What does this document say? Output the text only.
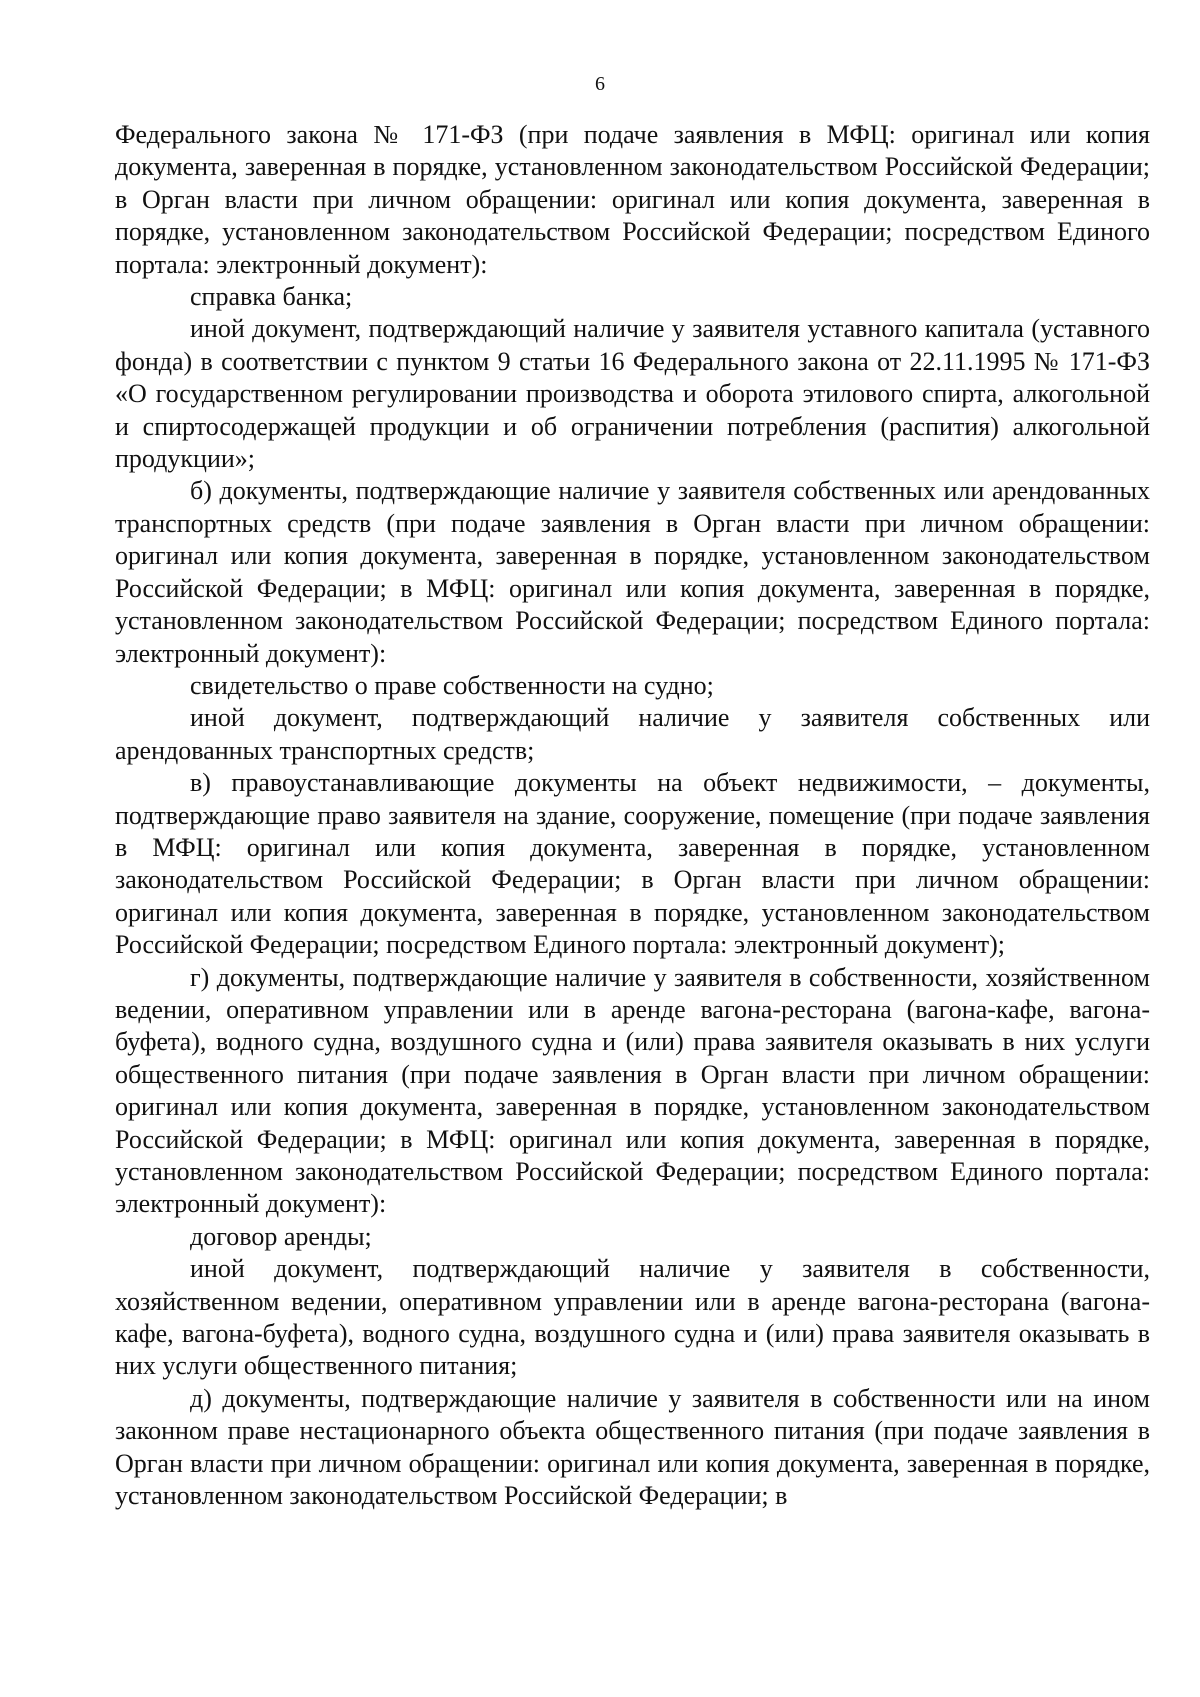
6

Федерального закона № 171-ФЗ (при подаче заявления в МФЦ: оригинал или копия документа, заверенная в порядке, установленном законодательством Российской Федерации; в Орган власти при личном обращении: оригинал или копия документа, заверенная в порядке, установленном законодательством Российской Федерации; посредством Единого портала: электронный документ):

справка банка;

иной документ, подтверждающий наличие у заявителя уставного капитала (уставного фонда) в соответствии с пунктом 9 статьи 16 Федерального закона от 22.11.1995 № 171-ФЗ «О государственном регулировании производства и оборота этилового спирта, алкогольной и спиртосодержащей продукции и об ограничении потребления (распития) алкогольной продукции»;

б) документы, подтверждающие наличие у заявителя собственных или арендованных транспортных средств (при подаче заявления в Орган власти при личном обращении: оригинал или копия документа, заверенная в порядке, установленном законодательством Российской Федерации; в МФЦ: оригинал или копия документа, заверенная в порядке, установленном законодательством Российской Федерации; посредством Единого портала: электронный документ):

свидетельство о праве собственности на судно;

иной документ, подтверждающий наличие у заявителя собственных или арендованных транспортных средств;

в) правоустанавливающие документы на объект недвижимости, – документы, подтверждающие право заявителя на здание, сооружение, помещение (при подаче заявления в МФЦ: оригинал или копия документа, заверенная в порядке, установленном законодательством Российской Федерации; в Орган власти при личном обращении: оригинал или копия документа, заверенная в порядке, установленном законодательством Российской Федерации; посредством Единого портала: электронный документ);

г) документы, подтверждающие наличие у заявителя в собственности, хозяйственном ведении, оперативном управлении или в аренде вагона-ресторана (вагона-кафе, вагона-буфета), водного судна, воздушного судна и (или) права заявителя оказывать в них услуги общественного питания (при подаче заявления в Орган власти при личном обращении: оригинал или копия документа, заверенная в порядке, установленном законодательством Российской Федерации; в МФЦ: оригинал или копия документа, заверенная в порядке, установленном законодательством Российской Федерации; посредством Единого портала: электронный документ):

договор аренды;

иной документ, подтверждающий наличие у заявителя в собственности, хозяйственном ведении, оперативном управлении или в аренде вагона-ресторана (вагона-кафе, вагона-буфета), водного судна, воздушного судна и (или) права заявителя оказывать в них услуги общественного питания;

д) документы, подтверждающие наличие у заявителя в собственности или на ином законном праве нестационарного объекта общественного питания (при подаче заявления в Орган власти при личном обращении: оригинал или копия документа, заверенная в порядке, установленном законодательством Российской Федерации; в
